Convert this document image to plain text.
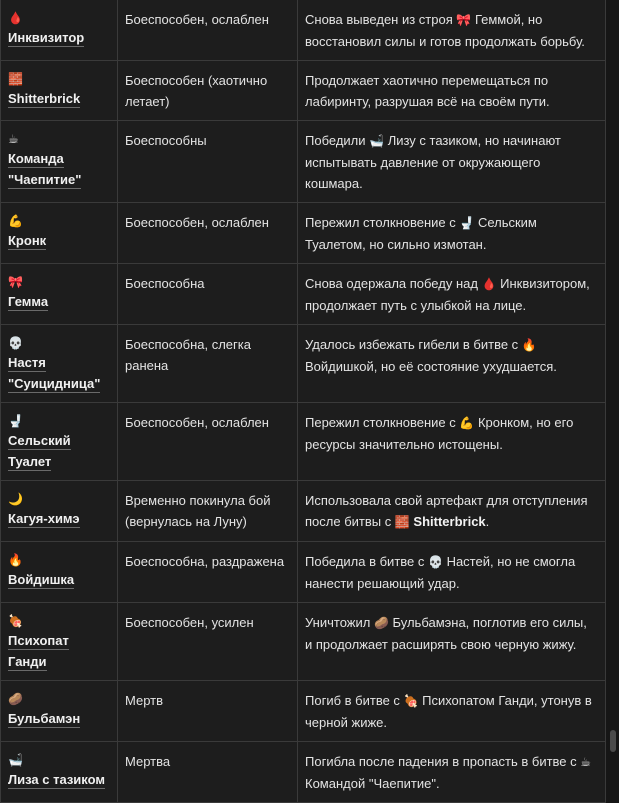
🩸
Инквизитор	Боеспособен, ослаблен	Снова выведен из строя 🎀 Геммой, но восстановил силы и готов продолжать борьбу.

🧱
Shitterbrick	Боеспособен (хаотично летает)	Продолжает хаотично перемещаться по лабиринту, разрушая всё на своём пути.

☕
Команда "Чаепитие"	Боеспособны	Победили 🛁 Лизу с тазиком, но начинают испытывать давление от окружающего кошмара.

💪
Кронк	Боеспособен, ослаблен	Пережил столкновение с 🚽 Сельским Туалетом, но сильно измотан.

🎀
Гемма	Боеспособна	Снова одержала победу над 🩸 Инквизитором, продолжает путь с улыбкой на лице.

💀
Настя "Суицидница"	Боеспособна, слегка ранена	Удалось избежать гибели в битве с 🔥 Войдишкой, но её состояние ухудшается.

🚽
Сельский Туалет	Боеспособен, ослаблен	Пережил столкновение с 💪 Кронком, но его ресурсы значительно истощены.

🌙
Кагуя-химэ	Временно покинула бой (вернулась на Луну)	Использовала свой артефакт для отступления после битвы с 🧱 Shitterbrick.

🔥
Войдишка	Боеспособна, раздражена	Победила в битве с 💀 Настей, но не смогла нанести решающий удар.

🍖
Психопат Ганди	Боеспособен, усилен	Уничтожил 🥔 Бульбамэна, поглотив его силы, и продолжает расширять свою черную жижу.

🥔
Бульбамэн	Мертв	Погиб в битве с 🍖 Психопатом Ганди, утонув в черной жиже.

🛁
Лиза с тазиком	Мертва	Погибла после падения в пропасть в битве с ☕ Командой "Чаепитие".
